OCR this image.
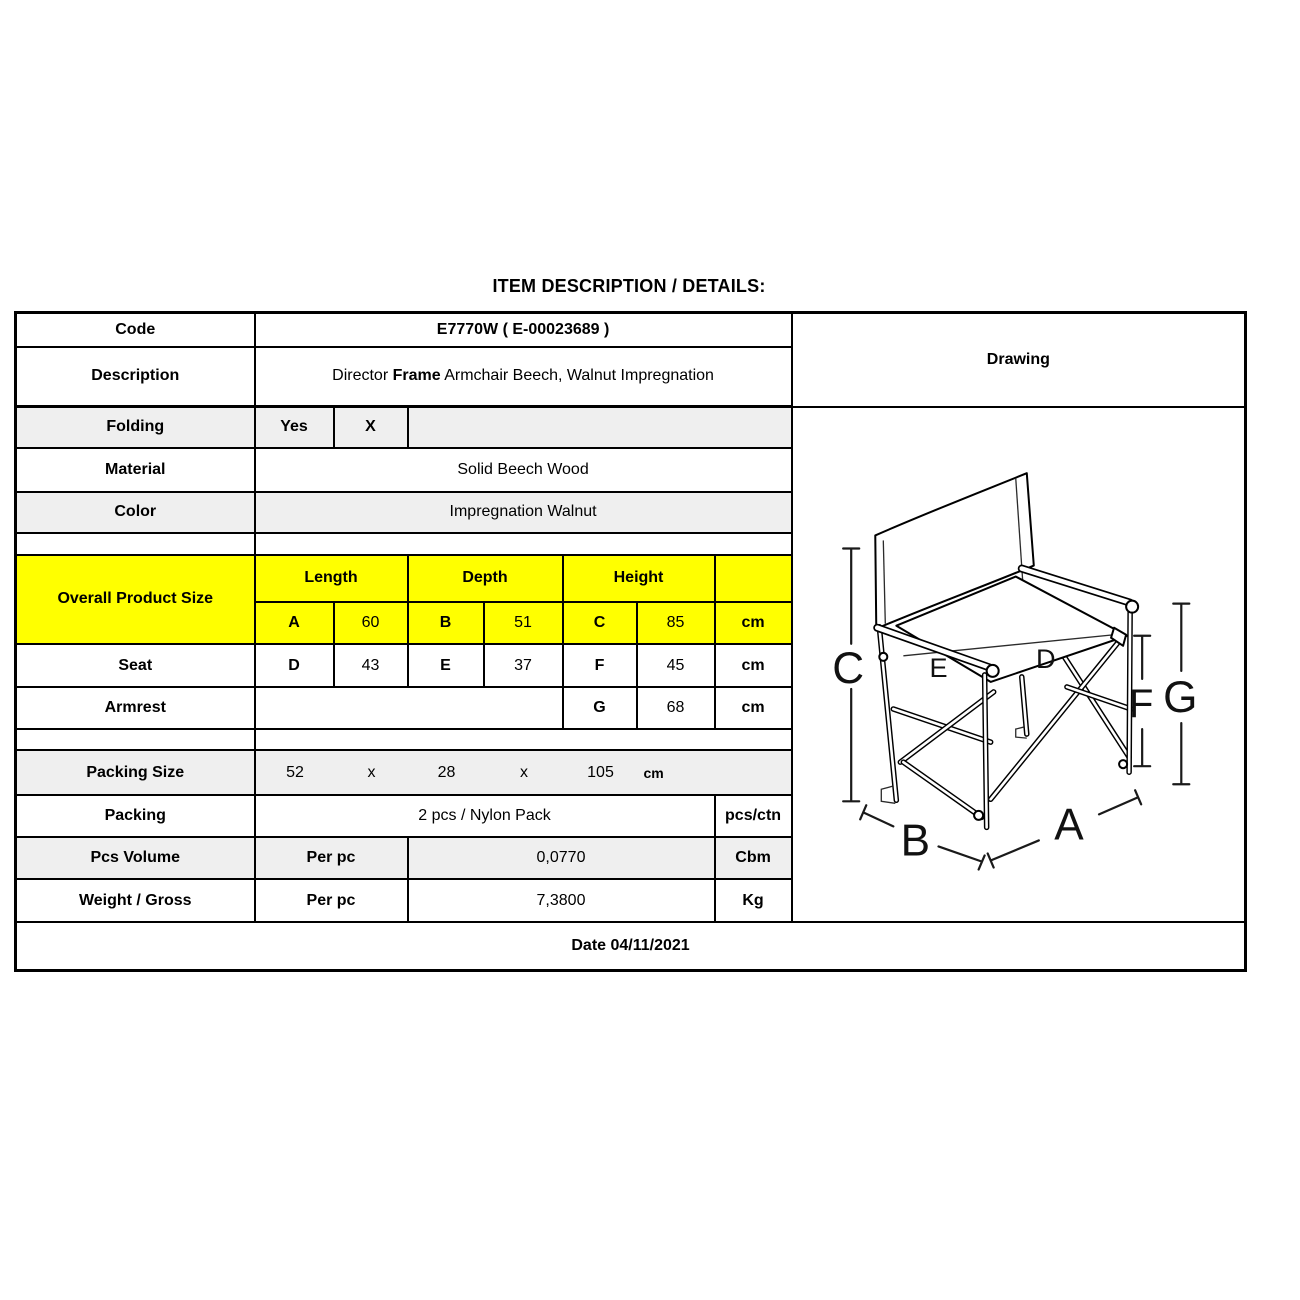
ITEM DESCRIPTION / DETAILS:
Code	E7770W ( E-00023689 )							Drawing
Description	Director Frame Armchair Beech, Walnut Impregnation							
Folding	Yes	X		
C
G
F
B	A
E	D

Material	Solid Beech Wood							
Color	Impregnation Walnut							

Overall Product Size	Length		Depth		Height			
	A	60	B	51	C	85	cm	
Seat	D	43	E	37	F	45	cm	
Armrest					G	68	cm	

Packing Size	52	x	28	x	105	cm

Packing	2 pcs / Nylon Pack						pcs/ctn	
Pcs Volume	Per pc		0,0770				Cbm	
Weight / Gross	Per pc		7,3800				Kg	
Date 04/11/2021								
